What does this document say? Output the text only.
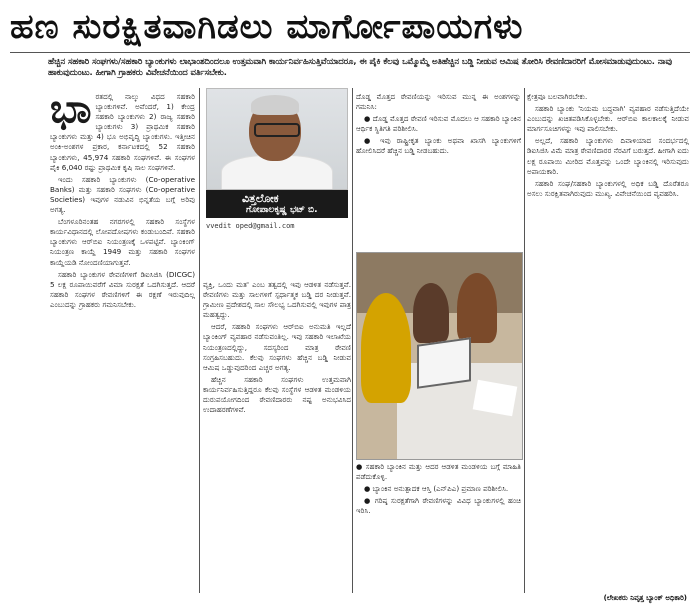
ಹಣ ಸುರಕ್ಷಿತವಾಗಿಡಲು ಮಾರ್ಗೋಪಾಯಗಳು
ಹೆಚ್ಚಿನ ಸಹಕಾರಿ ಸಂಘಗಳು/ಸಹಕಾರಿ ಬ್ಯಾಂಕುಗಳು ಲಾಭಾಂಶದಿಂದಲೂ ಉತ್ತಮವಾಗಿ ಕಾರ್ಯನಿರ್ವಹಿಸುತ್ತಿವೆಯಾದರೂ, ಈ ಪೈಕಿ ಕೆಲವು ಒಮ್ಮೊಮ್ಮೆ ಅತಿಹೆಚ್ಚಿನ ಬಡ್ಡಿ ನೀಡುವ ಆಮಿಷ ತೋರಿಸಿ ಠೇವಣಿದಾರರಿಗೆ ಮೋಸಮಾಡುವುದುಂಟು. ನಾವು ಹಾಕುವುದುಂಟು. ಹೀಗಾಗಿ ಗ್ರಾಹಕರು ವಿವೇಚನೆಯಿಂದ ವರ್ತಿಸಬೇಕು.
ಭಾ ರತದಲ್ಲಿ ನಾಲ್ಕು ವಿಧದ ಸಹಕಾರಿ ಬ್ಯಾಂಕುಗಳಿವೆ. ಅವೆಂದರೆ, 1) ಕೇಂದ್ರ ಸಹಕಾರಿ ಬ್ಯಾಂಕುಗಳು 2) ರಾಜ್ಯ ಸಹಕಾರಿ ಬ್ಯಾಂಕುಗಳು 3) ಪ್ರಾಥಮಿಕ ಸಹಕಾರಿ ಬ್ಯಾಂಕುಗಳು ಮತ್ತು 4) ಭೂ ಅಭಿವೃದ್ಧಿ ಬ್ಯಾಂಕುಗಳು. ಇತ್ತೀಚಿನ ಅಂಕಿ-ಅಂಶಗಳ ಪ್ರಕಾರ, ಕರ್ನಾಟಕದಲ್ಲಿ 52 ಸಹಕಾರಿ ಬ್ಯಾಂಕುಗಳು, 45,974 ಸಹಕಾರಿ ಸಂಘಗಳಿವೆ. ಈ ಸಂಘಗಳ ಪೈಕಿ 6,040 ರಷ್ಟು ಪ್ರಾಥಮಿಕ ಕೃಷಿ ಸಾಲ ಸಂಘಗಳಿವೆ.

ಇಂದು ಸಹಕಾರಿ ಬ್ಯಾಂಕುಗಳು (Co-operative Banks) ಮತ್ತು ಸಹಕಾರಿ ಸಂಘಗಳು (Co-operative Societies) ಇವುಗಳ ನಡುವಿನ ಭಿನ್ನತೆಯ ಬಗ್ಗೆ ಅರಿವು ಅಗತ್ಯ.

ಬೆಂಗಳೂರಿನಂತಹ ನಗರಗಳಲ್ಲಿ ಸಹಕಾರಿ ಸಂಸ್ಥೆಗಳ ಕಾರ್ಯವಿಧಾನದಲ್ಲಿ ಲೋಪದೋಷಗಳು ಕಂಡುಬಂದಿವೆ. ಸಹಕಾರಿ ಬ್ಯಾಂಕುಗಳು ಆರ್‌ಬಿಐ ನಿಯಂತ್ರಣಕ್ಕೆ ಒಳಪಟ್ಟಿವೆ. ಬ್ಯಾಂಕಿಂಗ್ ನಿಯಂತ್ರಣ ಕಾಯ್ದೆ 1949 ಮತ್ತು ಸಹಕಾರಿ ಸಂಘಗಳ ಕಾಯ್ದೆಯಡಿ ನೋಂದಣಿಯಾಗುತ್ತವೆ.

ಸಹಕಾರಿ ಬ್ಯಾಂಕುಗಳ ಠೇವಣಿಗಳಿಗೆ ಡಿಐಸಿಜಿಸಿ (DICGC) 5 ಲಕ್ಷ ರೂಪಾಯಿವರೆಗೆ ವಿಮಾ ಸುರಕ್ಷತೆ ಒದಗಿಸುತ್ತದೆ. ಆದರೆ ಸಹಕಾರಿ ಸಂಘಗಳ ಠೇವಣಿಗಳಿಗೆ ಈ ರಕ್ಷಣೆ ಇರುವುದಿಲ್ಲ ಎಂಬುದನ್ನು ಗ್ರಾಹಕರು ಗಮನಿಸಬೇಕು.

ವಿತ್ತಲೋಕ
ಗೋಪಾಲಕೃಷ್ಣ ಭಟ್ ಬಿ.
vvedit oped@gmail.com

ವ್ಯಕ್ತಿ, ಒಂದು ಮತ' ಎಂಬ ತತ್ವದಲ್ಲಿ ಇವು ಆಡಳಿತ ನಡೆಸುತ್ತವೆ. ಠೇವಣಿಗಳು ಮತ್ತು ಸಾಲಗಳಿಗೆ ಸ್ಪರ್ಧಾತ್ಮಕ ಬಡ್ಡಿ ದರ ನೀಡುತ್ತವೆ. ಗ್ರಾಮೀಣ ಪ್ರದೇಶದಲ್ಲಿ ಸಾಲ ಸೌಲಭ್ಯ ಒದಗಿಸುವಲ್ಲಿ ಇವುಗಳ ಪಾತ್ರ ಮಹತ್ವದ್ದು.

ಆದರೆ, ಸಹಕಾರಿ ಸಂಘಗಳು ಆರ್‌ಬಿಐ ಅನುಮತಿ ಇಲ್ಲದೆ ಬ್ಯಾಂಕಿಂಗ್ ವ್ಯವಹಾರ ನಡೆಸುವಂತಿಲ್ಲ. ಇವು ಸಹಕಾರಿ ಇಲಾಖೆಯ ನಿಯಂತ್ರಣದಲ್ಲಿದ್ದು, ಸದಸ್ಯರಿಂದ ಮಾತ್ರ ಠೇವಣಿ ಸಂಗ್ರಹಿಸಬಹುದು. ಕೆಲವು ಸಂಘಗಳು ಹೆಚ್ಚಿನ ಬಡ್ಡಿ ನೀಡುವ ಆಮಿಷ ಒಡ್ಡುವುದರಿಂದ ಎಚ್ಚರ ಅಗತ್ಯ.

ಹೆಚ್ಚಿನ ಸಹಕಾರಿ ಸಂಘಗಳು ಉತ್ತಮವಾಗಿ ಕಾರ್ಯನಿರ್ವಹಿಸುತ್ತಿದ್ದರೂ ಕೆಲವು ಸಂಸ್ಥೆಗಳ ಆಡಳಿತ ಮಂಡಳಿಯ ದುರುಪಯೋಗದಿಂದ ಠೇವಣಿದಾರರು ನಷ್ಟ ಅನುಭವಿಸಿದ ಉದಾಹರಣೆಗಳಿವೆ.

ದೊಡ್ಡ ಮೊತ್ತದ ಠೇವಣಿಯನ್ನು ಇರಿಸುವ ಮುನ್ನ ಈ ಅಂಶಗಳನ್ನು ಗಮನಿಸಿ:

● ದೊಡ್ಡ ಮೊತ್ತದ ಠೇವಣಿ ಇರಿಸುವ ಮೊದಲು ಆ ಸಹಕಾರಿ ಬ್ಯಾಂಕಿನ ಆರ್ಥಿಕ ಸ್ಥಿತಿಗತಿ ಪರಿಶೀಲಿಸಿ.

● ಇವು ರಾಷ್ಟ್ರೀಕೃತ ಬ್ಯಾಂಕು ಅಥವಾ ಖಾಸಗಿ ಬ್ಯಾಂಕುಗಳಿಗೆ ಹೋಲಿಸಿದರೆ ಹೆಚ್ಚಿನ ಬಡ್ಡಿ ನೀಡಬಹುದು.

● ಸಹಕಾರಿ ಬ್ಯಾಂಕಿನ ಮತ್ತು ಆದರ ಆಡಳಿತ ಮಂಡಳಿಯ ಬಗ್ಗೆ ಮಾಹಿತಿ ಪಡೆದುಕೊಳ್ಳಿ.

● ಬ್ಯಾಂಕಿನ ಅನುತ್ಪಾದಕ ಆಸ್ತಿ (ಎನ್‌ಪಿಎ) ಪ್ರಮಾಣ ಪರಿಶೀಲಿಸಿ.

● ಗರಿಷ್ಠ ಸುರಕ್ಷತೆಗಾಗಿ ಠೇವಣಿಗಳನ್ನು ವಿವಿಧ ಬ್ಯಾಂಕುಗಳಲ್ಲಿ ಹಂಚಿ ಇರಿಸಿ.

ಕ್ಷೇತ್ರವೂ ಬಲವಾಗಿರಬೇಕು.

ಸಹಕಾರಿ ಬ್ಯಾಂಕು 'ನಿಯಮ ಬದ್ಧವಾಗಿ' ವ್ಯವಹಾರ ನಡೆಸುತ್ತಿದೆಯೇ ಎಂಬುದನ್ನು ಖಚಿತಪಡಿಸಿಕೊಳ್ಳಬೇಕು. ಆರ್‌ಬಿಐ ಕಾಲಕಾಲಕ್ಕೆ ನೀಡುವ ಮಾರ್ಗಸೂಚಿಗಳನ್ನು ಇವು ಪಾಲಿಸಬೇಕು.

ಅಲ್ಲದೆ, ಸಹಕಾರಿ ಬ್ಯಾಂಕುಗಳು ದಿವಾಳಿಯಾದ ಸಂದರ್ಭದಲ್ಲಿ ಡಿಐಸಿಜಿಸಿ ವಿಮೆ ಮಾತ್ರ ಠೇವಣಿದಾರರ ನೆರವಿಗೆ ಬರುತ್ತದೆ. ಹೀಗಾಗಿ ಐದು ಲಕ್ಷ ರೂಪಾಯಿ ಮೀರಿದ ಮೊತ್ತವನ್ನು ಒಂದೇ ಬ್ಯಾಂಕಿನಲ್ಲಿ ಇರಿಸುವುದು ಅಪಾಯಕಾರಿ.

ಸಹಕಾರಿ ಸಂಘ/ಸಹಕಾರಿ ಬ್ಯಾಂಕುಗಳಲ್ಲಿ ಅಧಿಕ ಬಡ್ಡಿ ದೊರೆತರೂ ಅಸಲು ಸುರಕ್ಷಿತವಾಗಿರುವುದು ಮುಖ್ಯ. ವಿವೇಚನೆಯಿಂದ ವ್ಯವಹರಿಸಿ.

(ಲೇಖಕರು ನಿವೃತ್ತ ಬ್ಯಾಂಕ್ ಅಧಿಕಾರಿ)
